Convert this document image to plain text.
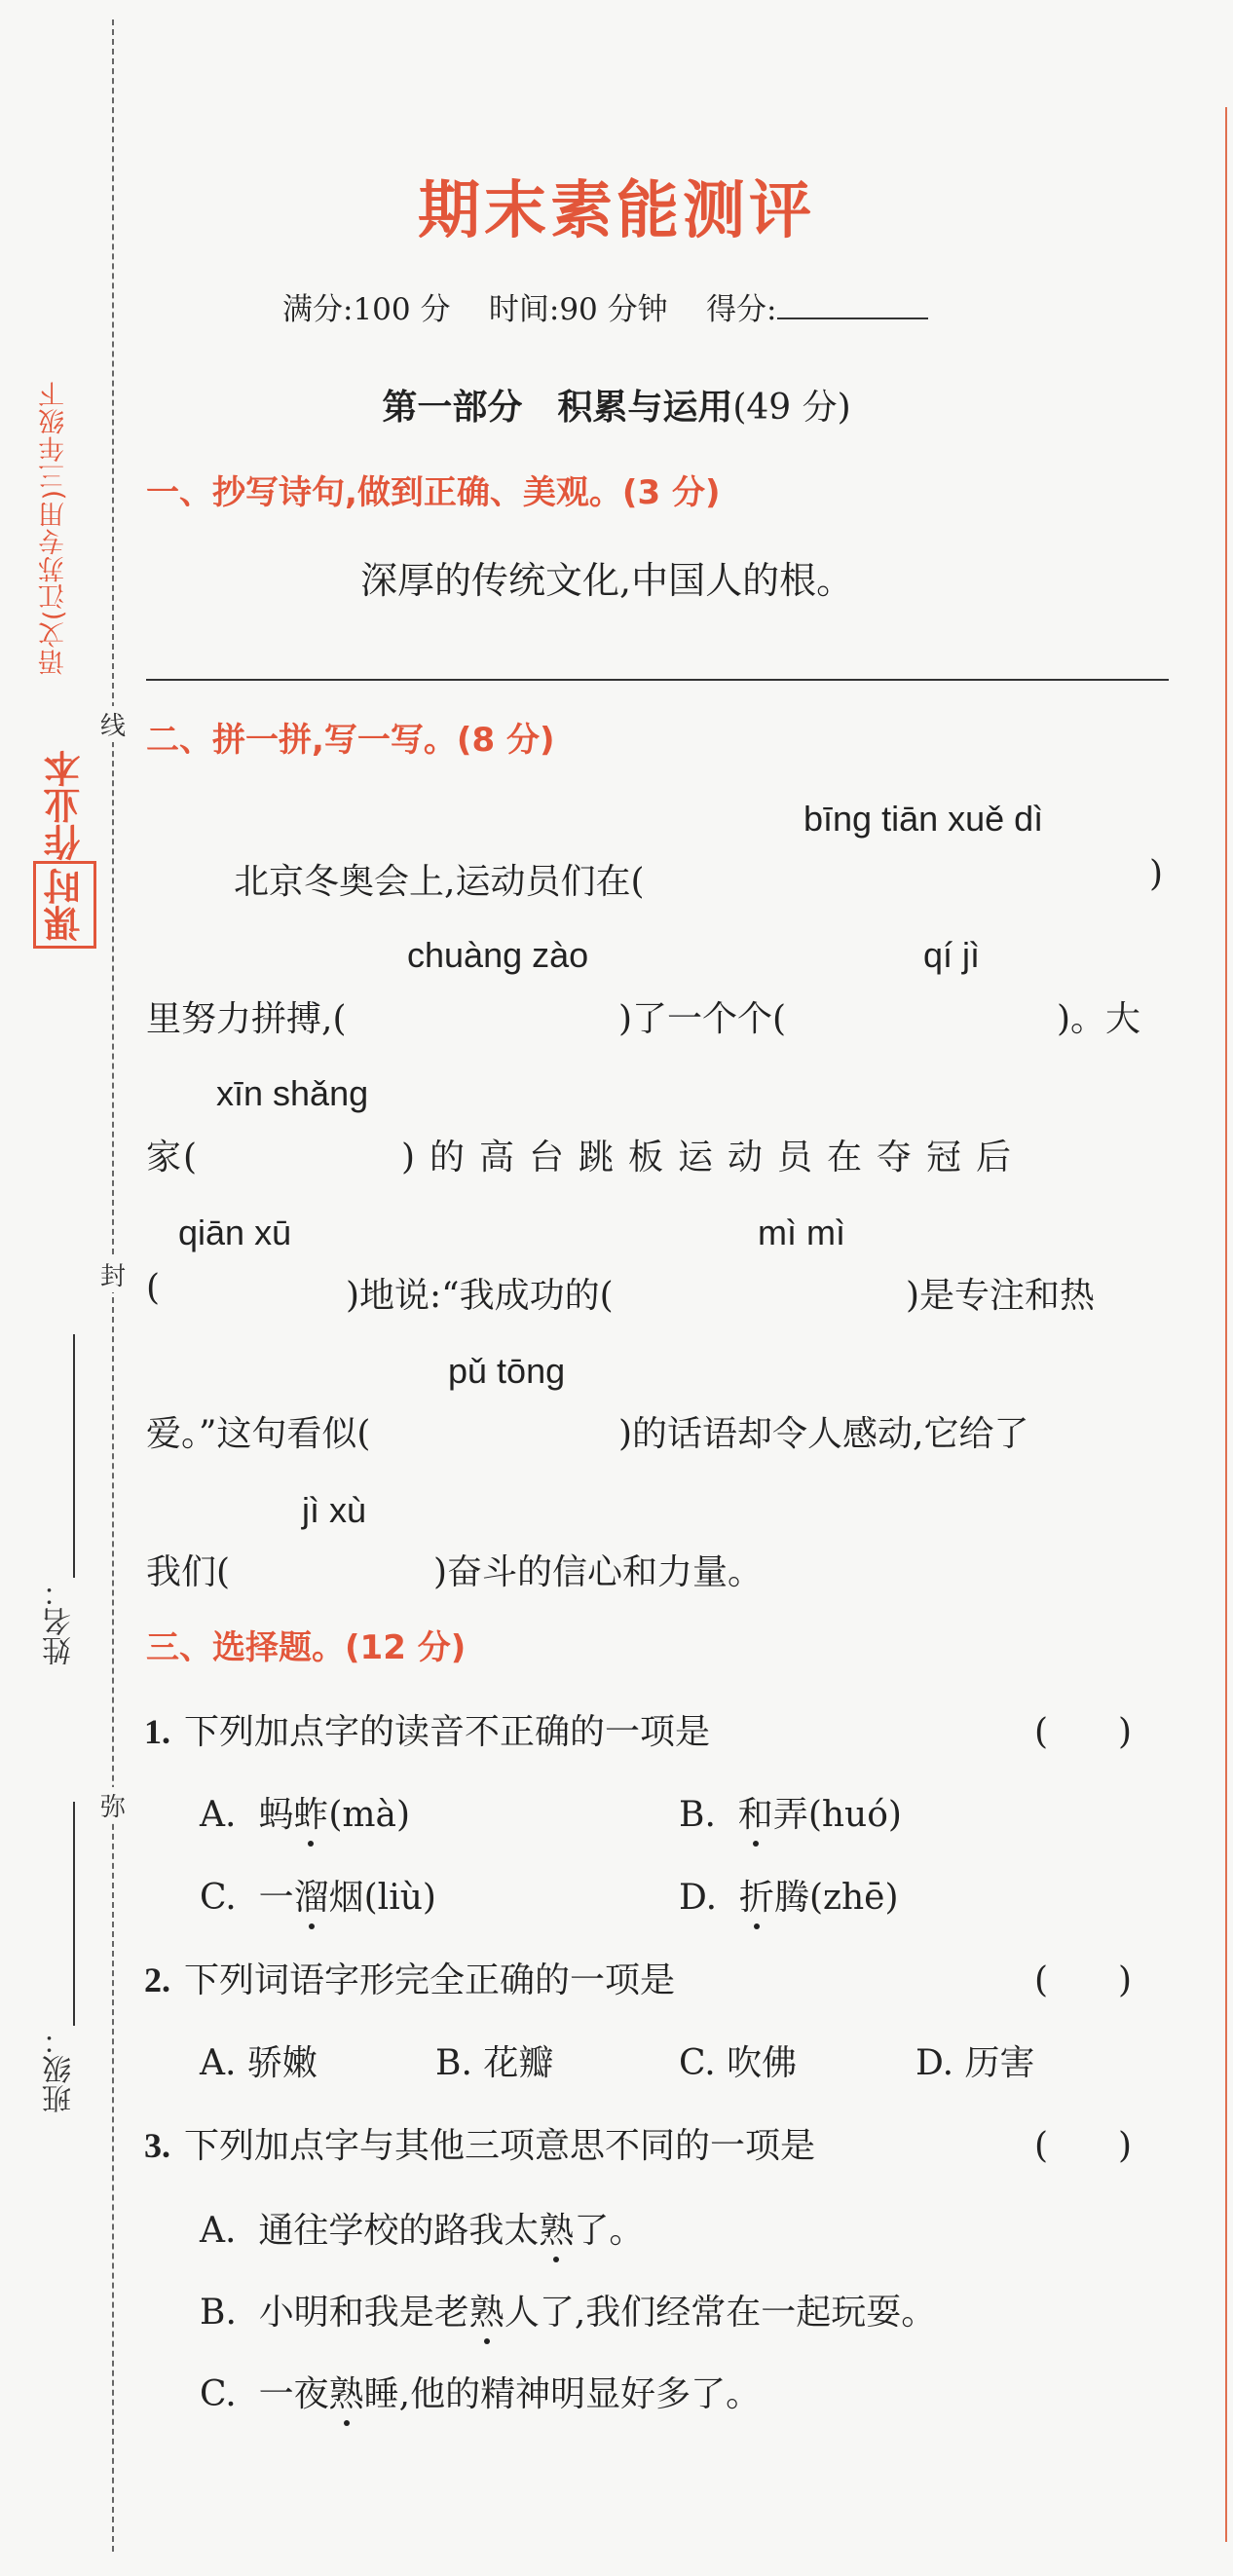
语文(江苏专用)三年级下
课时作业本
姓名：
班级：
线
封
弥
期末素能测评
满分:100 分 时间:90 分钟 得分:
第一部分　积累与运用(49 分)
一、抄写诗句,做到正确、美观。(3 分)
深厚的传统文化,中国人的根。
二、拼一拼,写一写。(8 分)
bīng tiān xuě dì
北京冬奥会上,运动员们在(	)
chuàng zào	qí jì
里努力拼搏,(	)了一个个(	)。大
xīn shǎng
家(	)的高台跳板运动员在夺冠后
qiān xū	mì mì
(	)地说:“我成功的(	)是专注和热
pǔ tōng
爱。”这句看似(	)的话语却令人感动,它给了
jì xù
我们(	)奋斗的信心和力量。
三、选择题。(12 分)
1. 下列加点字的读音不正确的一项是	(　　)
A. 蚂蚱(mà)	B. 和弄(huó)
C. 一溜烟(liù)	D. 折腾(zhē)
2. 下列词语字形完全正确的一项是	(　　)
A. 骄嫩	B. 花瓣	C. 吹佛	D. 历害
3. 下列加点字与其他三项意思不同的一项是	(　　)
A. 通往学校的路我太熟了。
B. 小明和我是老熟人了,我们经常在一起玩耍。
C. 一夜熟睡,他的精神明显好多了。
